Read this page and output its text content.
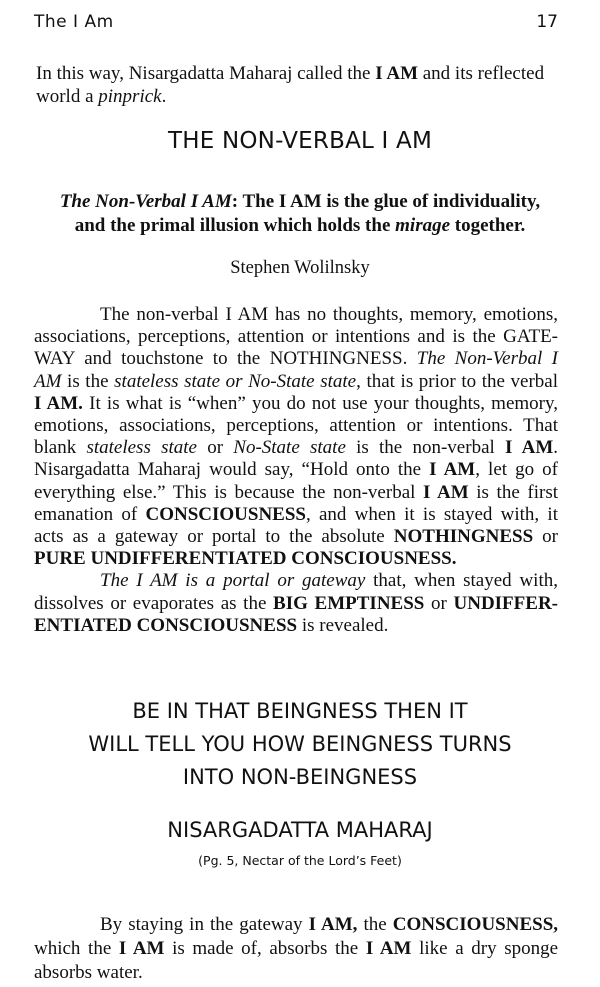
The I Am	17

In this way, Nisargadatta Maharaj called the I AM and its reflected
world a pinprick.

THE NON-VERBAL I AM
The Non-Verbal I AM: The I AM is the glue of individuality,
and the primal illusion which holds the mirage together.
Stephen Wolilnsky
The non-verbal I AM has no thoughts, memory, emotions,
associations, perceptions, attention or intentions and is the GATE-
WAY and touchstone to the NOTHINGNESS. The Non-Verbal I
AM is the stateless state or No-State state, that is prior to the verbal
I AM. It is what is “when” you do not use your thoughts, memory,
emotions, associations, perceptions, attention or intentions. That
blank stateless state or No-State state is the non-verbal I AM.
Nisargadatta Maharaj would say, “Hold onto the I AM, let go of
everything else.” This is because the non-verbal I AM is the first
emanation of CONSCIOUSNESS, and when it is stayed with, it
acts as a gateway or portal to the absolute NOTHINGNESS or
PURE UNDIFFERENTIATED CONSCIOUSNESS.
The I AM is a portal or gateway that, when stayed with,
dissolves or evaporates as the BIG EMPTINESS or UNDIFFER-
ENTIATED CONSCIOUSNESS is revealed.
BE IN THAT BEINGNESS THEN IT
WILL TELL YOU HOW BEINGNESS TURNS
INTO NON-BEINGNESS
NISARGADATTA MAHARAJ
(Pg. 5, Nectar of the Lord’s Feet)
By staying in the gateway I AM, the CONSCIOUSNESS,
which the I AM is made of, absorbs the I AM like a dry sponge
absorbs water.
